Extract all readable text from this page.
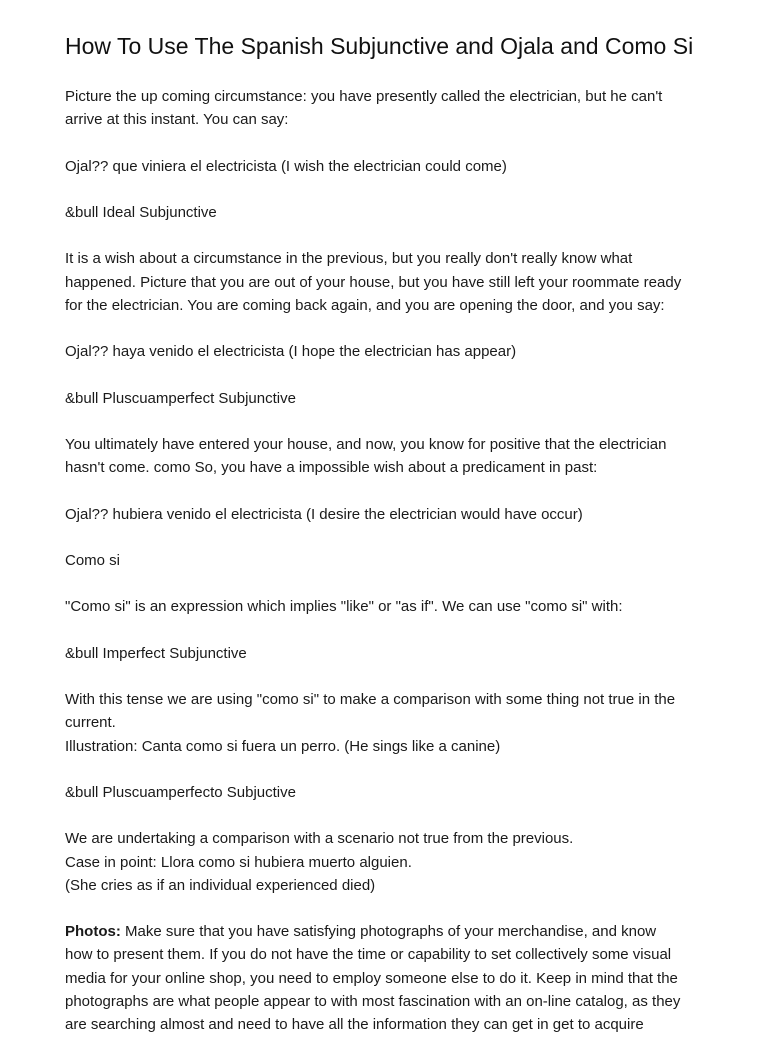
How To Use The Spanish Subjunctive and Ojala and Como Si

Picture the up coming circumstance: you have presently called the electrician, but he can't
arrive at this instant. You can say:

Ojal?? que viniera el electricista (I wish the electrician could come)

&bull Ideal Subjunctive

It is a wish about a circumstance in the previous, but you really don't really know what
happened. Picture that you are out of your house, but you have still left your roommate ready
for the electrician. You are coming back again, and you are opening the door, and you say:

Ojal?? haya venido el electricista (I hope the electrician has appear)

&bull Pluscuamperfect Subjunctive

You ultimately have entered your house, and now, you know for positive that the electrician
hasn't come. como So, you have a impossible wish about a predicament in past:

Ojal?? hubiera venido el electricista (I desire the electrician would have occur)

Como si

"Como si" is an expression which implies "like" or "as if". We can use "como si" with:

&bull Imperfect Subjunctive

With this tense we are using "como si" to make a comparison with some thing not true in the
current.
Illustration: Canta como si fuera un perro. (He sings like a canine)

&bull Pluscuamperfecto Subjuctive

We are undertaking a comparison with a scenario not true from the previous.
Case in point: Llora como si hubiera muerto alguien.
(She cries as if an individual experienced died)

Photos: Make sure that you have satisfying photographs of your merchandise, and know
how to present them. If you do not have the time or capability to set collectively some visual
media for your online shop, you need to employ someone else to do it. Keep in mind that the
photographs are what people appear to with most fascination with an on-line catalog, as they
are searching almost and need to have all the information they can get in get to acquire
